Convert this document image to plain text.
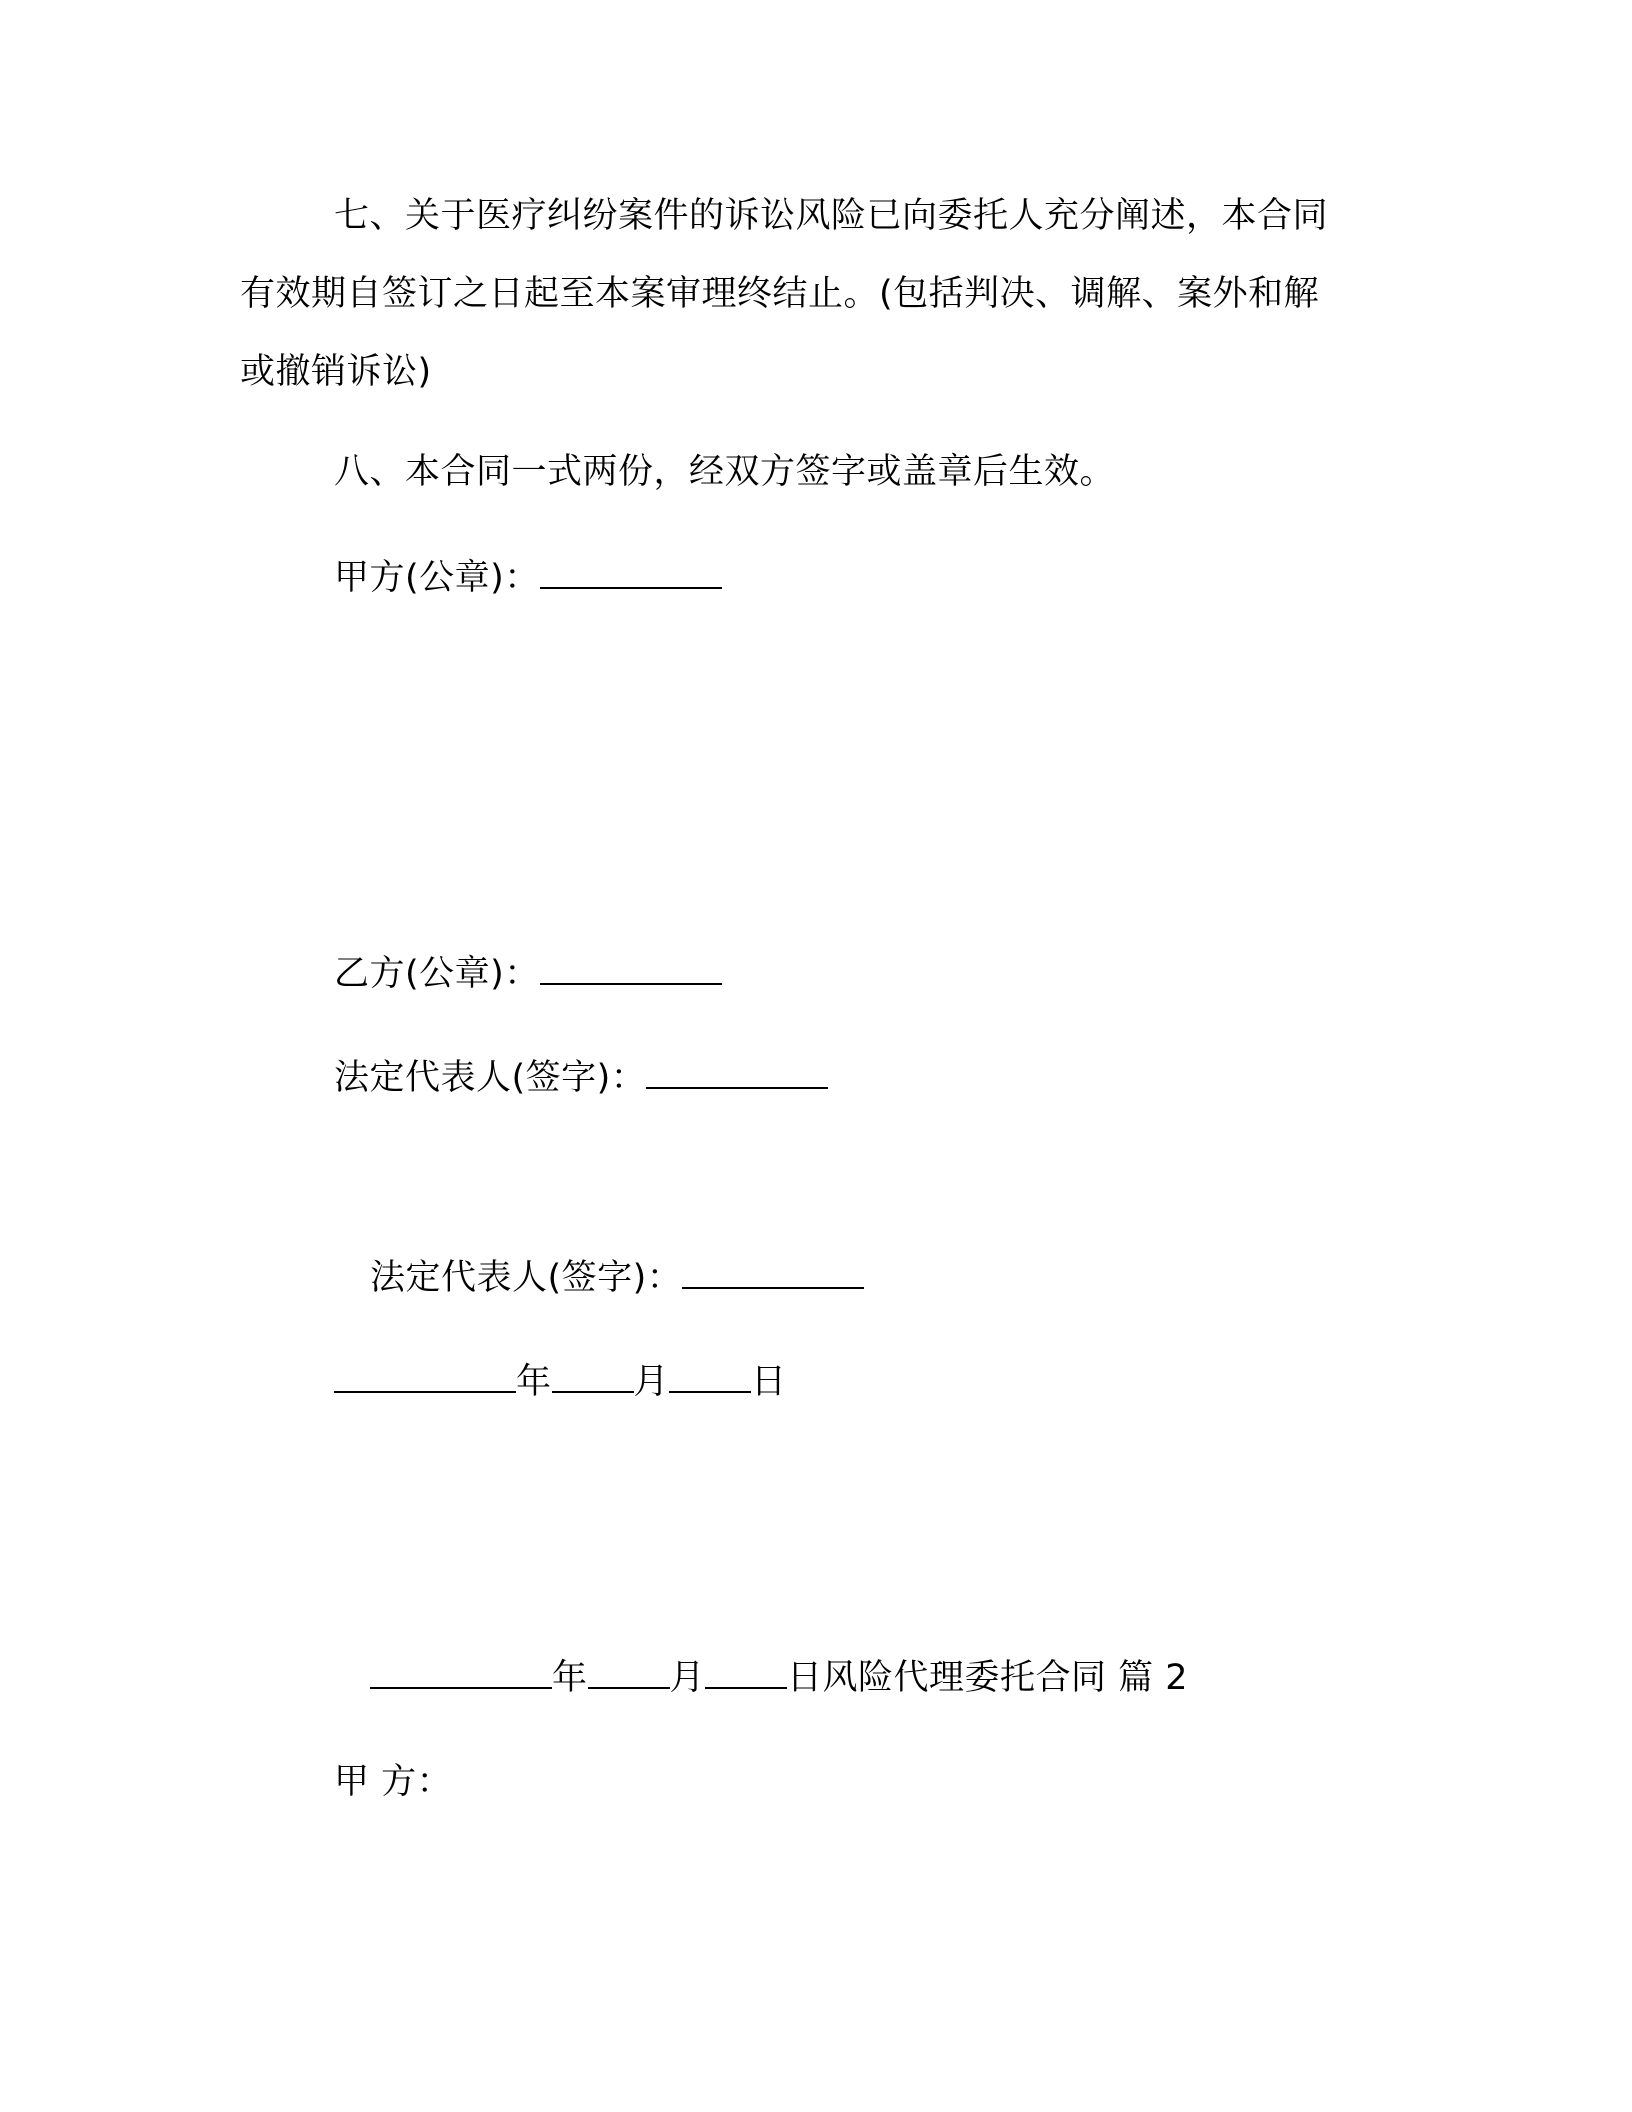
七、关于医疗纠纷案件的诉讼风险已向委托人充分阐述，本合同
有效期自签订之日起至本案审理终结止。(包括判决、调解、案外和解
或撤销诉讼)
八、本合同一式两份，经双方签字或盖章后生效。
甲方(公章)：
乙方(公章)：
法定代表人(签字)：
法定代表人(签字)：
年 月 日
年 月 日风险代理委托合同 篇 2
甲 方：
